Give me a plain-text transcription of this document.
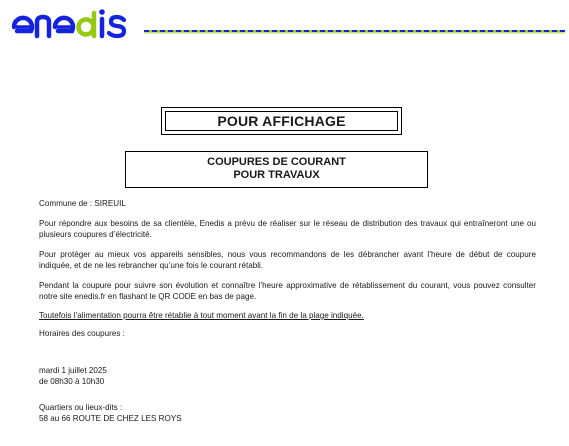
POUR AFFICHAGE
COUPURES DE COURANT
POUR TRAVAUX
Commune de : SIREUIL
Pour répondre aux besoins de sa clientèle, Enedis a prévu de réaliser sur le réseau de distribution des travaux qui entraîneront une ou plusieurs coupures d’électricité.
Pour protéger au mieux vos appareils sensibles, nous vous recommandons de les débrancher avant l’heure de début de coupure indiquée, et de ne les rebrancher qu’une fois le courant rétabli.
Pendant la coupure pour suivre son évolution et connaître l’heure approximative de rétablissement du courant, vous pouvez consulter notre site enedis.fr en flashant le QR CODE en bas de page.
Toutefois l’alimentation pourra être rétablie à tout moment avant la fin de la plage indiquée.
Horaires des coupures :
mardi 1 juillet 2025
de 08h30 à 10h30
Quartiers ou lieux-dits :
58 au 66 ROUTE DE CHEZ LES ROYS
